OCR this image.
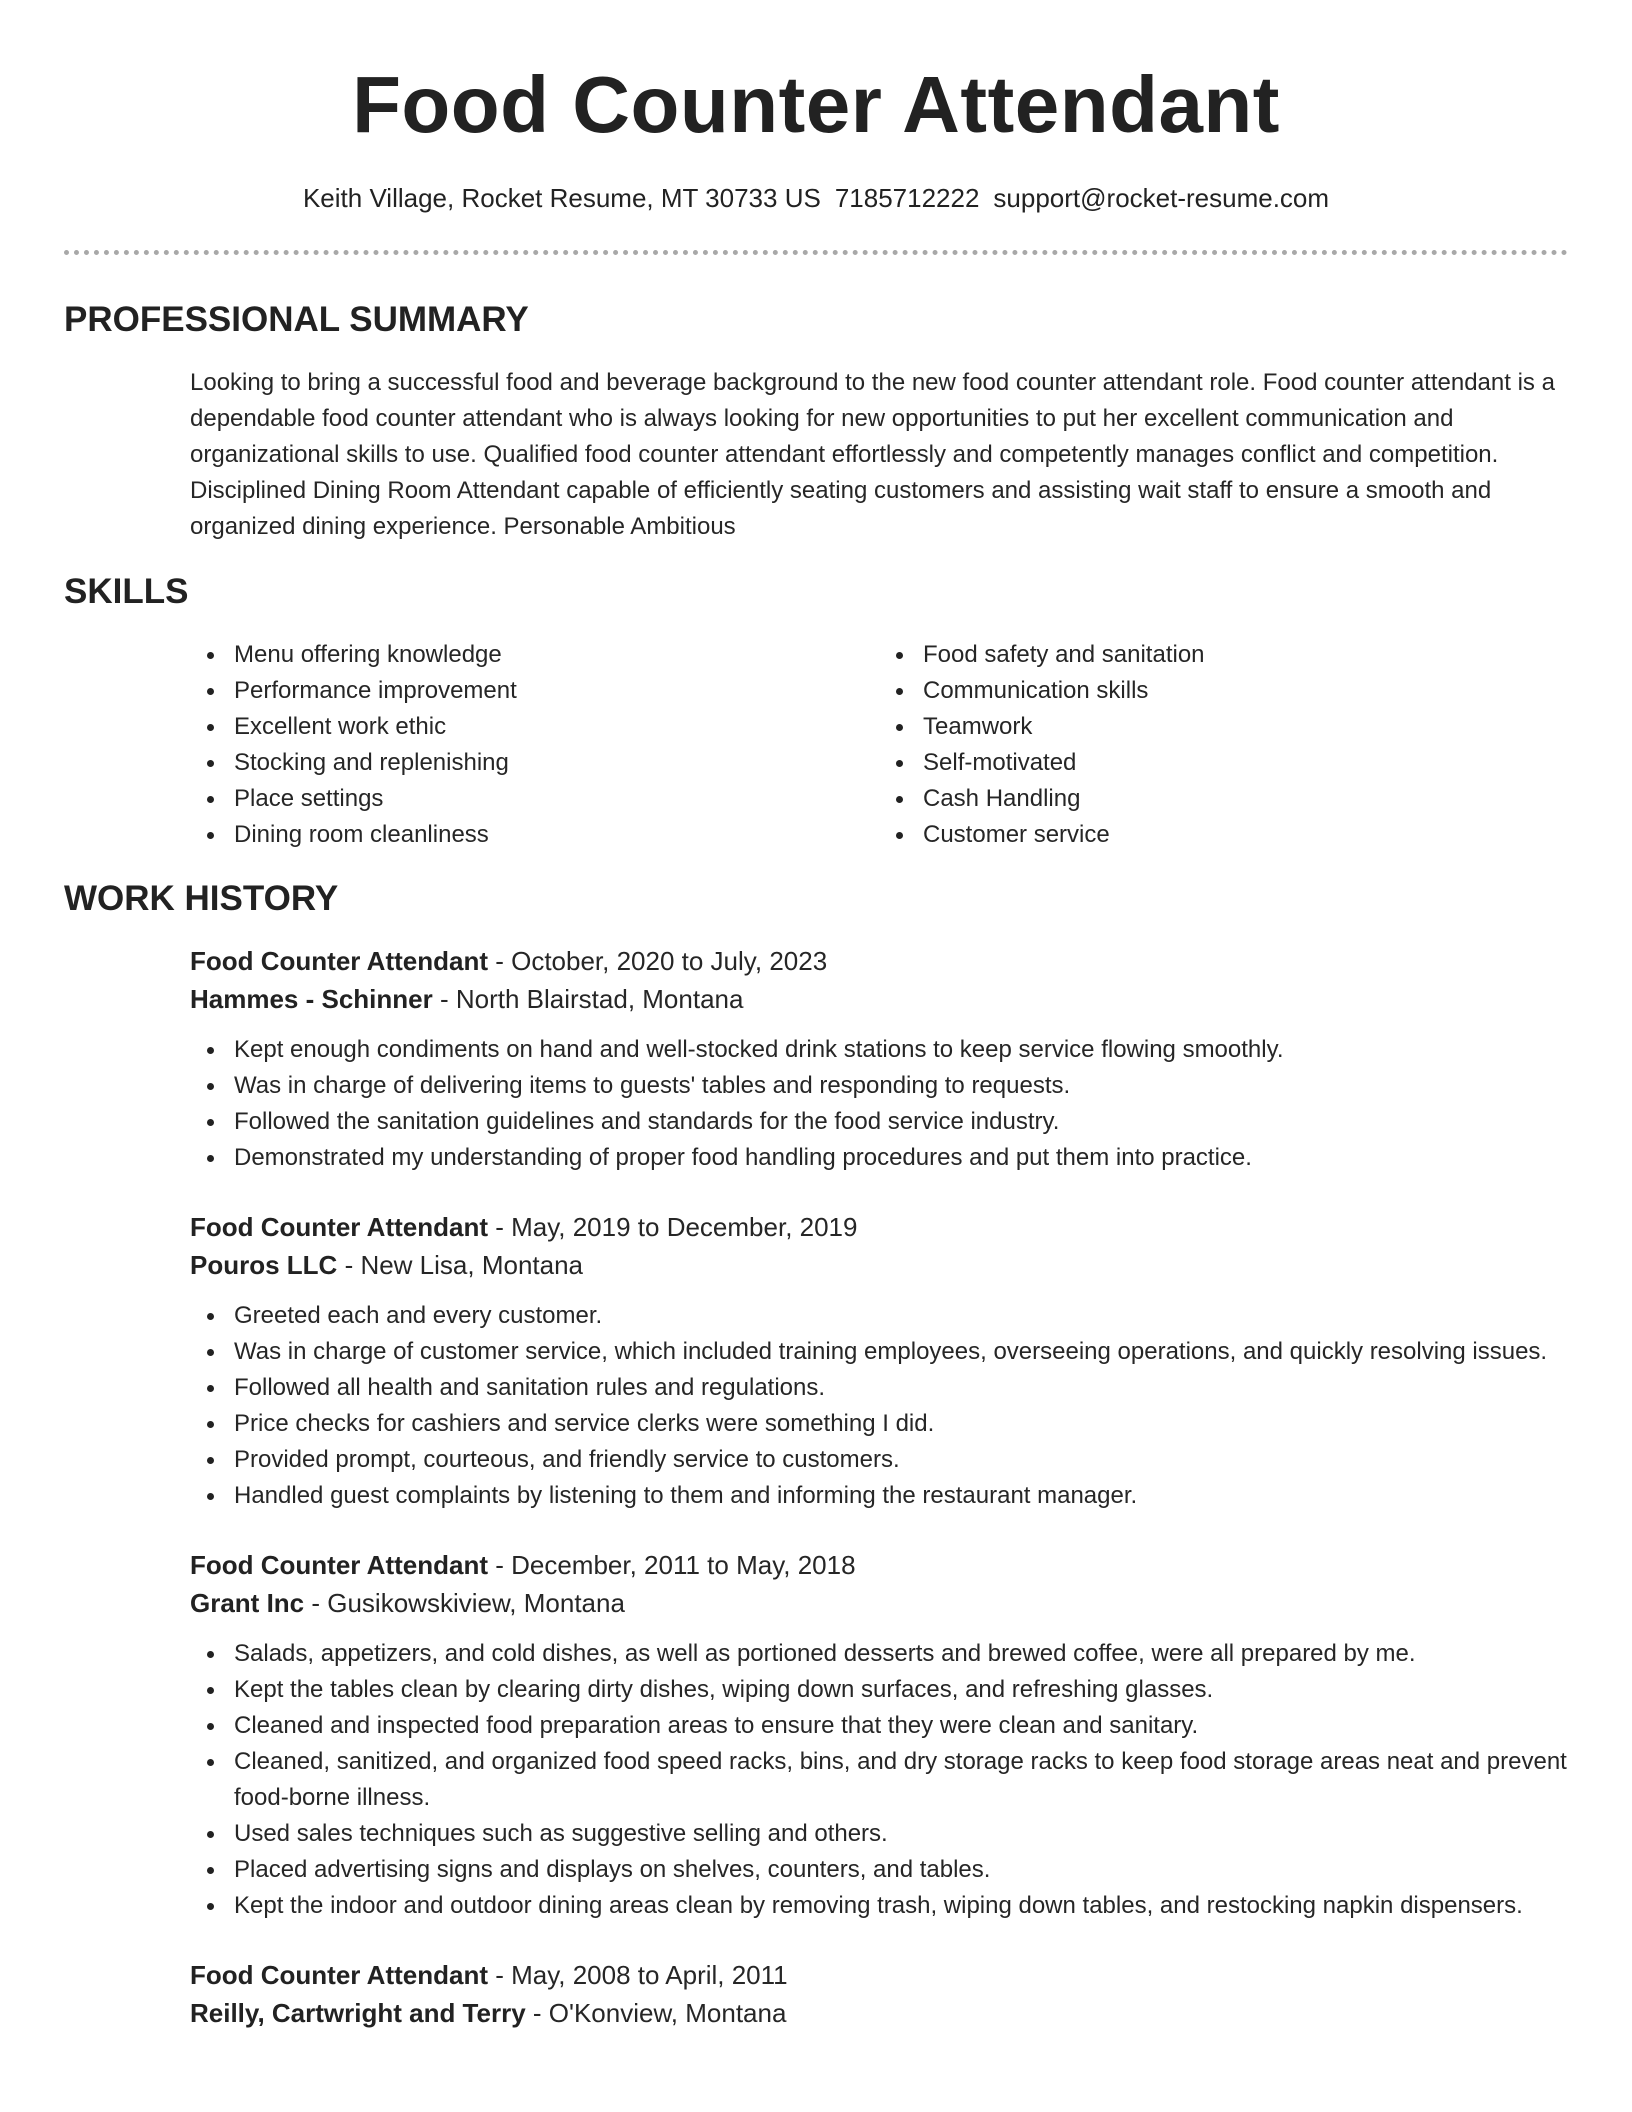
Food Counter Attendant
Keith Village, Rocket Resume, MT 30733 US 7185712222 support@rocket-resume.com
PROFESSIONAL SUMMARY

Looking to bring a successful food and beverage background to the new food counter attendant role. Food counter attendant is a dependable food counter attendant who is always looking for new opportunities to put her excellent communication and organizational skills to use. Qualified food counter attendant effortlessly and competently manages conflict and competition. Disciplined Dining Room Attendant capable of efficiently seating customers and assisting wait staff to ensure a smooth and organized dining experience. Personable Ambitious

SKILLS
Menu offering knowledge
Performance improvement
Excellent work ethic
Stocking and replenishing
Place settings
Dining room cleanliness
Food safety and sanitation
Communication skills
Teamwork
Self-motivated
Cash Handling
Customer service
WORK HISTORY
Food Counter Attendant - October, 2020 to July, 2023
Hammes - Schinner - North Blairstad, Montana
Kept enough condiments on hand and well-stocked drink stations to keep service flowing smoothly.
Was in charge of delivering items to guests' tables and responding to requests.
Followed the sanitation guidelines and standards for the food service industry.
Demonstrated my understanding of proper food handling procedures and put them into practice.
Food Counter Attendant - May, 2019 to December, 2019
Pouros LLC - New Lisa, Montana
Greeted each and every customer.
Was in charge of customer service, which included training employees, overseeing operations, and quickly resolving issues.
Followed all health and sanitation rules and regulations.
Price checks for cashiers and service clerks were something I did.
Provided prompt, courteous, and friendly service to customers.
Handled guest complaints by listening to them and informing the restaurant manager.
Food Counter Attendant - December, 2011 to May, 2018
Grant Inc - Gusikowskiview, Montana
Salads, appetizers, and cold dishes, as well as portioned desserts and brewed coffee, were all prepared by me.
Kept the tables clean by clearing dirty dishes, wiping down surfaces, and refreshing glasses.
Cleaned and inspected food preparation areas to ensure that they were clean and sanitary.
Cleaned, sanitized, and organized food speed racks, bins, and dry storage racks to keep food storage areas neat and prevent food-borne illness.
Used sales techniques such as suggestive selling and others.
Placed advertising signs and displays on shelves, counters, and tables.
Kept the indoor and outdoor dining areas clean by removing trash, wiping down tables, and restocking napkin dispensers.
Food Counter Attendant - May, 2008 to April, 2011
Reilly, Cartwright and Terry - O'Konview, Montana
